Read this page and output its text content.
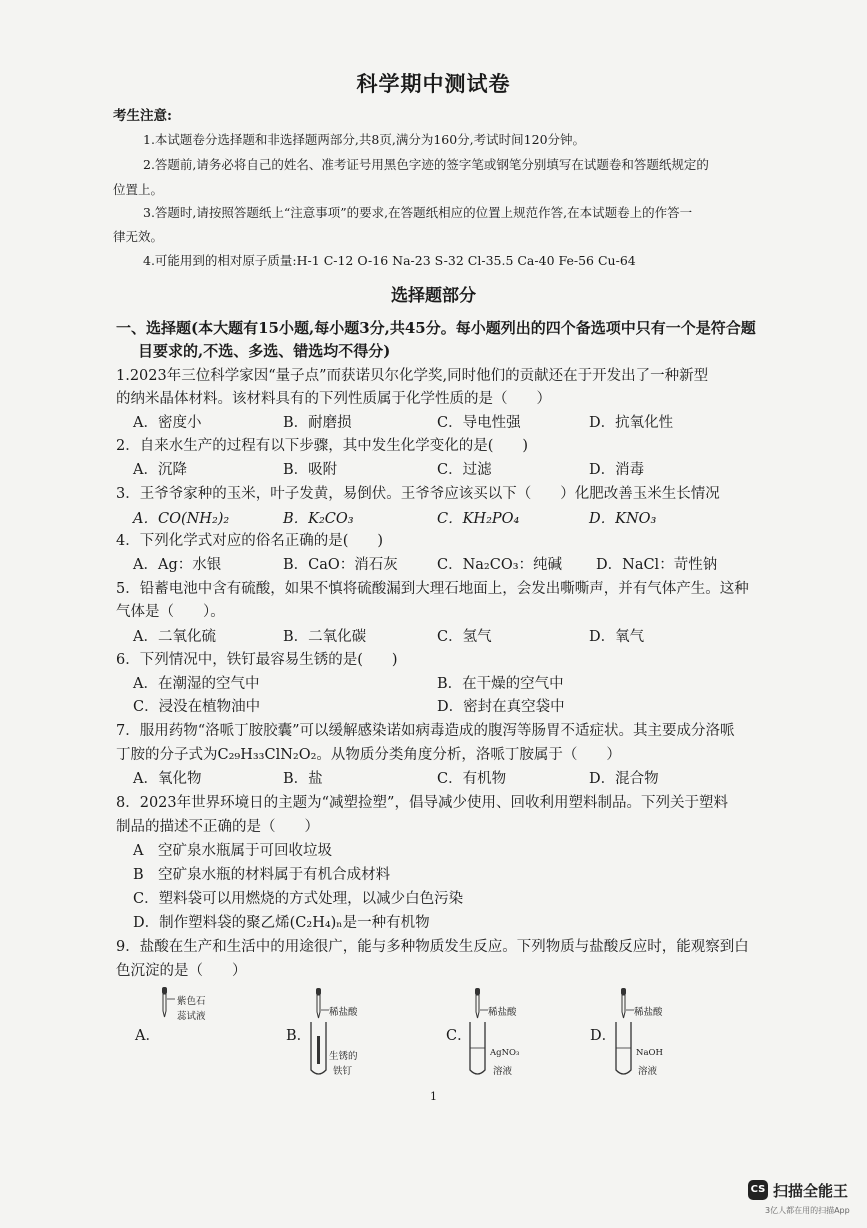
科学期中测试卷
考生注意:
1.本试题卷分选择题和非选择题两部分,共8页,满分为160分,考试时间120分钟。
2.答题前,请务必将自己的姓名、准考证号用黑色字迹的签字笔或钢笔分别填写在试题卷和答题纸规定的
位置上。
3.答题时,请按照答题纸上“注意事项”的要求,在答题纸相应的位置上规范作答,在本试题卷上的作答一
律无效。
4.可能用到的相对原子质量:H-1 C-12 O-16 Na-23 S-32 Cl-35.5 Ca-40 Fe-56 Cu-64
选择题部分
一、选择题(本大题有15小题,每小题3分,共45分。每小题列出的四个备选项中只有一个是符合题
目要求的,不选、多选、错选均不得分)
1.2023年三位科学家因“量子点”而获诺贝尔化学奖,同时他们的贡献还在于开发出了一种新型
的纳米晶体材料。该材料具有的下列性质属于化学性质的是（　　）
A．密度小	B．耐磨损	C．导电性强	D．抗氧化性
2．自来水生产的过程有以下步骤，其中发生化学变化的是(　　)
A．沉降	B．吸附	C．过滤	D．消毒
3．王爷爷家种的玉米，叶子发黄，易倒伏。王爷爷应该买以下（　　）化肥改善玉米生长情况
A．CO(NH₂)₂	B．K₂CO₃	C．KH₂PO₄	D．KNO₃
4．下列化学式对应的俗名正确的是(　　)
A．Ag：水银	B．CaO：消石灰	C．Na₂CO₃：纯碱 D．NaCl：苛性钠
5．铅蓄电池中含有硫酸，如果不慎将硫酸漏到大理石地面上，会发出嘶嘶声，并有气体产生。这种
气体是（　　）。
A．二氧化硫	B．二氧化碳	C．氢气	D．氧气
6．下列情况中，铁钉最容易生锈的是(　　)
A．在潮湿的空气中	B．在干燥的空气中
C．浸没在植物油中	D．密封在真空袋中
7．服用药物“洛哌丁胺胶囊”可以缓解感染诺如病毒造成的腹泻等肠胃不适症状。其主要成分洛哌
丁胺的分子式为C₂₉H₃₃ClN₂O₂。从物质分类角度分析，洛哌丁胺属于（　　）
A．氧化物	B．盐	C．有机物	D．混合物
8．2023年世界环境日的主题为“减塑捡塑”，倡导减少使用、回收利用塑料制品。下列关于塑料
制品的描述不正确的是（　　）
A　空矿泉水瓶属于可回收垃圾
B　空矿泉水瓶的材料属于有机合成材料
C．塑料袋可以用燃烧的方式处理，以减少白色污染
D．制作塑料袋的聚乙烯(C₂H₄)ₙ是一种有机物
9．盐酸在生产和生活中的用途很广，能与多种物质发生反应。下列物质与盐酸反应时，能观察到白
色沉淀的是（　　）
A．
紫色石
蕊试液
B．
稀盐酸
生锈的
铁钉
C．
稀盐酸
AgNO₃
溶液
D．
稀盐酸
NaOH
溶液
1
CS 扫描全能王
3亿人都在用的扫描App
